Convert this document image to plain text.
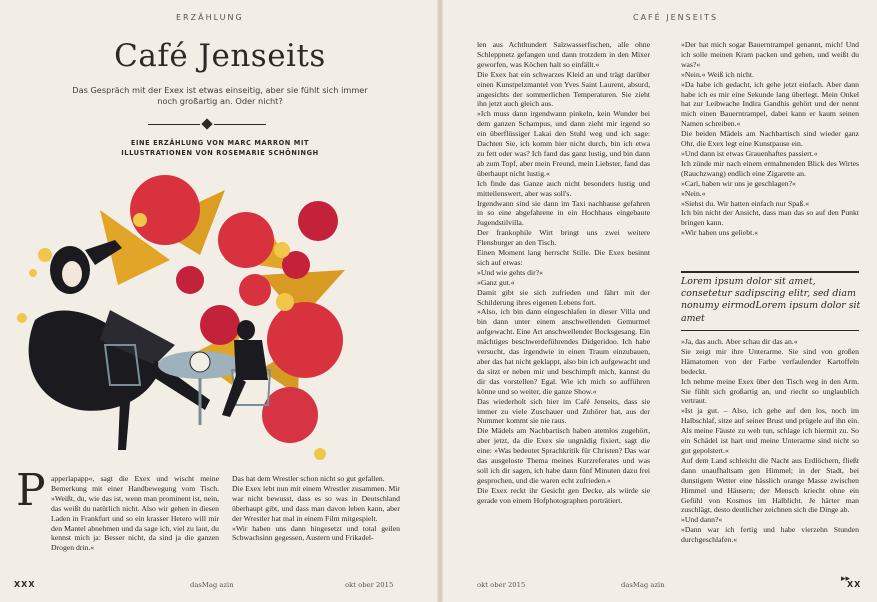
ERZÄHLUNG
Café Jenseits
Das Gespräch mit der Exex ist etwas einseitig, aber sie fühlt sich immer noch großartig an. Oder nicht?
EINE ERZÄHLUNG VON MARC MARRON MIT ILLUSTRATIONEN VON ROSEMARIE SCHÖNINGH
P apperlapapp«, sagt die Exex und wischt meine Bemerkung mit einer Handbewegung vom Tisch. »Weißt, du, wie das ist, wenn man prominent ist, nein, das weißt du natürlich nicht. Also wir gehen in diesen Laden in Frankfurt und so ein krasser Hetero will mir den Mantel abnehmen und da sage ich, viel zu laut, du kennst mich ja: Besser nicht, da sind ja die ganzen Drogen drin.«

Das hat dem Wrestler schon nicht so gut gefallen.

Die Exex lebt nun mit einem Wrestler zusammen. Mir war nicht bewusst, dass es so was in Deutschland überhaupt gibt, und dass man davon leben kann, aber der Wrestler hat mal in einem Film mitgespielt.

»Wir haben uns dann hingesetzt und total geilen Schwachsinn gegessen, Austern und Frikadel-

XXX	dasMag azin	okt ober 2015

len aus Achthundert Salzwasserfischen, alle ohne Schleppnetz gefangen und dann trotzdem in den Mixer geworfen, was Köchen halt so einfällt.«

Die Exex hat ein schwarzes Kleid an und trägt darüber einen Kunstpelzmantel von Yves Saint Laurent, absurd, angesichts der sommerlichen Temperaturen. Sie zieht ihn jetzt auch gleich aus.

»Ich muss dann irgendwann pinkeln, kein Wunder bei dem ganzen Schampus, und dann zieht mir irgend so ein überflüssiger Lakai den Stuhl weg und ich sage: Dachten Sie, ich komm hier nicht durch, bin ich etwa zu fett oder was? Ich fand das ganz lustig, und bin dann ab zum Topf, aber mein Freund, mein Liebster, fand das überhaupt nicht lustig.«

Ich finde das Ganze auch nicht besonders lustig und mitteilenswert, aber was soll's.

Irgendwann sind sie dann im Taxi nachhause gefahren in so eine abgefahrene in ein Hochhaus eingebaute Jugendstilvilla.

Der frankophile Wirt bringt uns zwei weitere Flensburger an den Tisch.

Einen Moment lang herrscht Stille. Die Exex besinnt sich auf etwas:

»Und wie gehts dir?«

»Ganz gut.«

Damit gibt sie sich zufrieden und fährt mit der Schilderung ihres eigenen Lebens fort.

»Also, ich bin dann eingeschlafen in dieser Villa und bin dann unter einem anschwellenden Gemurmel aufgewacht. Eine Art anschwellender Bocksgesang. Ein mächtiges beschwerdeführendes Didgeridoo. Ich habe versucht, das irgendwie in einen Traum einzubauen, aber das hat nicht geklappt, also bin ich aufgewacht und da sitzt er neben mir und beschimpft mich, kannst du dir das vorstellen? Egal. Wie ich mich so aufführen könne und so weiter, die ganze Show.«

Das wiederholt sich hier im Café Jenseits, dass sie immer zu viele Zuschauer und Zuhörer hat, aus der Nummer kommt sie nie raus.

Die Mädels am Nachbartisch haben atemlos zugehört, aber jetzt, da die Exex sie ungnädig fixiert, sagt die eine: »Was bedeutet Sprachkritik für Christen? Das war das ausgeloste Thema meines Kurzreferates und was soll ich dir sagen, ich habe dann fünf Minuten dazu frei gesprochen, und die waren echt zufrieden.«

Die Exex reckt ihr Gesicht gen Decke, als würde sie gerade von einem Hofphotographen porträtiert.

CAFÉ JENSEITS

»Der hat mich sogar Bauerntrampel genannt, mich! Und ich solle meinen Kram packen und gehen, und weißt du was?«

»Nein.« Weiß ich nicht.

»Da habe ich gedacht, ich gehe jetzt einfach. Aber dann habe ich es mir eine Sekunde lang überlegt. Mein Onkel hat zur Leibwache Indira Gandhis gehört und der nennt mich einen Bauerntrampel, dabei kann er kaum seinen Namen schreiben.«

Die beiden Mädels am Nachbartisch sind wieder ganz Ohr, die Exex legt eine Kunstpause ein.

»Und dann ist etwas Grauenhaftes passiert.«

Ich zünde mir nach einem ermahnenden Blick des Wirtes (Rauchzwang) endlich eine Zigarette an.

»Carl, haben wir uns je geschlagen?«

»Nein.«

»Siehst du. Wir hatten einfach nur Spaß.«

Ich bin nicht der Ansicht, dass man das so auf den Punkt bringen kann.

»Wir haben uns geliebt.«

Lorem ipsum dolor sit amet, consetetur sadipscing elitr, sed diam nonumy eirmodLorem ipsum dolor sit amet

»Ja, das auch. Aber schau dir das an.«

Sie zeigt mir ihre Unterarme. Sie sind von großen Hämatomen von der Farbe verfaulender Kartoffeln bedeckt.

Ich nehme meine Exex über den Tisch weg in den Arm. Sie fühlt sich großartig an, und riecht so unglaublich vertraut.

»Ist ja gut. – Also, ich gehe auf den los, noch im Halbschlaf, sitze auf seiner Brust und prügele auf ihn ein. Als meine Fäuste zu weh tun, schlage ich hiermit zu. So ein Schädel ist hart und meine Unterarme sind nicht so gut gepolstert.«

Auf dem Land schleicht die Nacht aus Erdlöchern, fließt dann unaufhaltsam gen Himmel; in der Stadt, bei dunstigem Wetter eine hässlich orange Masse zwischen Himmel und Häusern; der Mensch kriecht ohne ein Gefühl von Kosmos im Halblicht. Je härter man zuschlägt, desto deutlicher zeichnen sich die Dinge ab.

»Und dann?«

»Dann war ich fertig und habe vierzehn Stunden durchgeschlafen.«

▸▸
okt ober 2015	dasMag azin	XX
